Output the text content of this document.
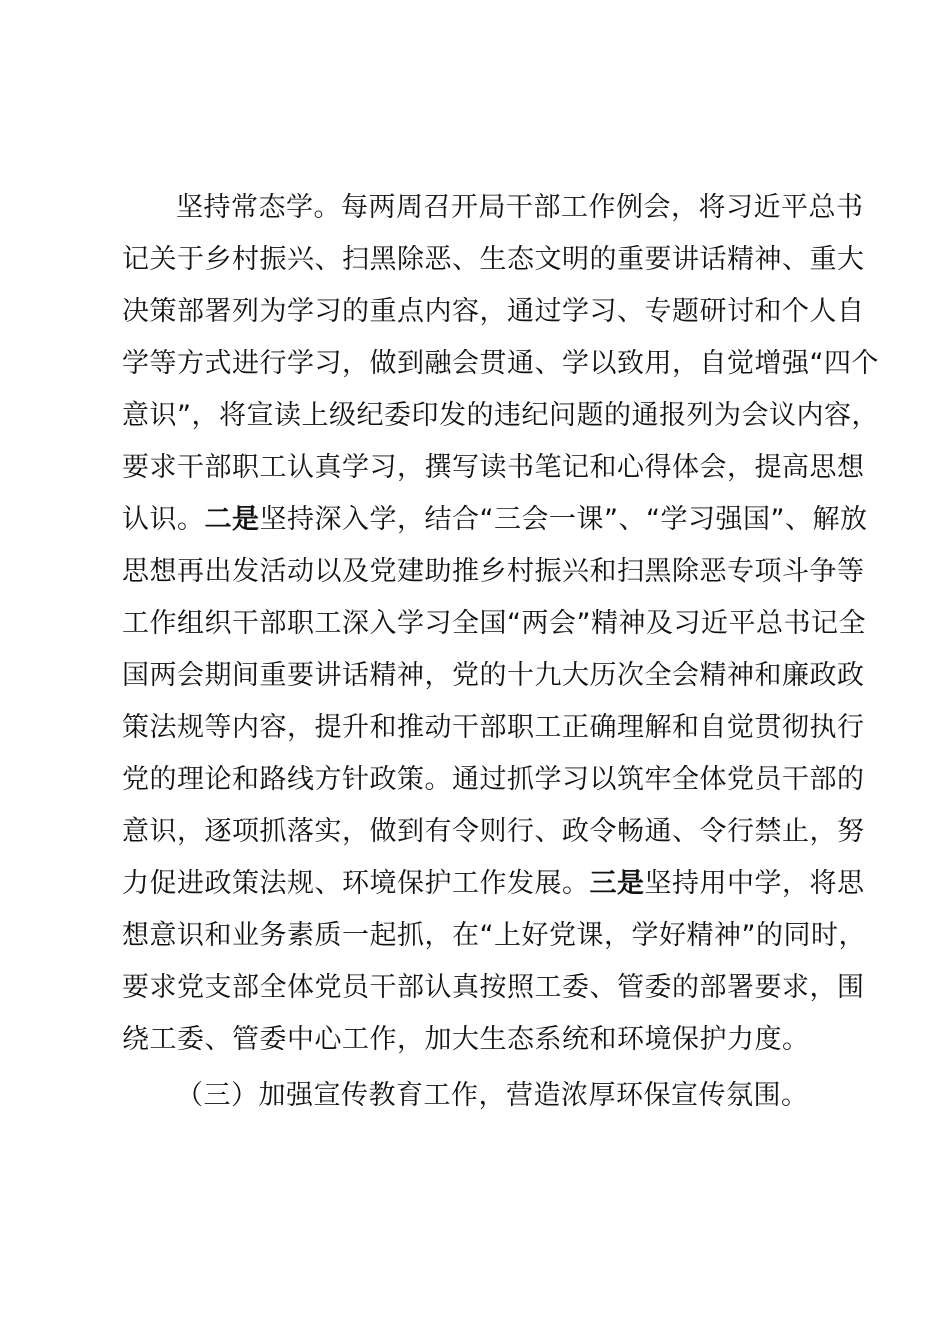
坚持常态学。每两周召开局干部工作例会，将习近平总书
记关于乡村振兴、扫黑除恶、生态文明的重要讲话精神、重大
决策部署列为学习的重点内容，通过学习、专题研讨和个人自
学等方式进行学习，做到融会贯通、学以致用，自觉增强“四个
意识”，将宣读上级纪委印发的违纪问题的通报列为会议内容，
要求干部职工认真学习，撰写读书笔记和心得体会，提高思想
认识。二是坚持深入学，结合“三会一课”、“学习强国”、解放
思想再出发活动以及党建助推乡村振兴和扫黑除恶专项斗争等
工作组织干部职工深入学习全国“两会”精神及习近平总书记全
国两会期间重要讲话精神，党的十九大历次全会精神和廉政政
策法规等内容，提升和推动干部职工正确理解和自觉贯彻执行
党的理论和路线方针政策。通过抓学习以筑牢全体党员干部的
意识，逐项抓落实，做到有令则行、政令畅通、令行禁止，努
力促进政策法规、环境保护工作发展。三是坚持用中学，将思
想意识和业务素质一起抓，在“上好党课，学好精神”的同时，
要求党支部全体党员干部认真按照工委、管委的部署要求，围
绕工委、管委中心工作，加大生态系统和环境保护力度。
（三）加强宣传教育工作，营造浓厚环保宣传氛围。
